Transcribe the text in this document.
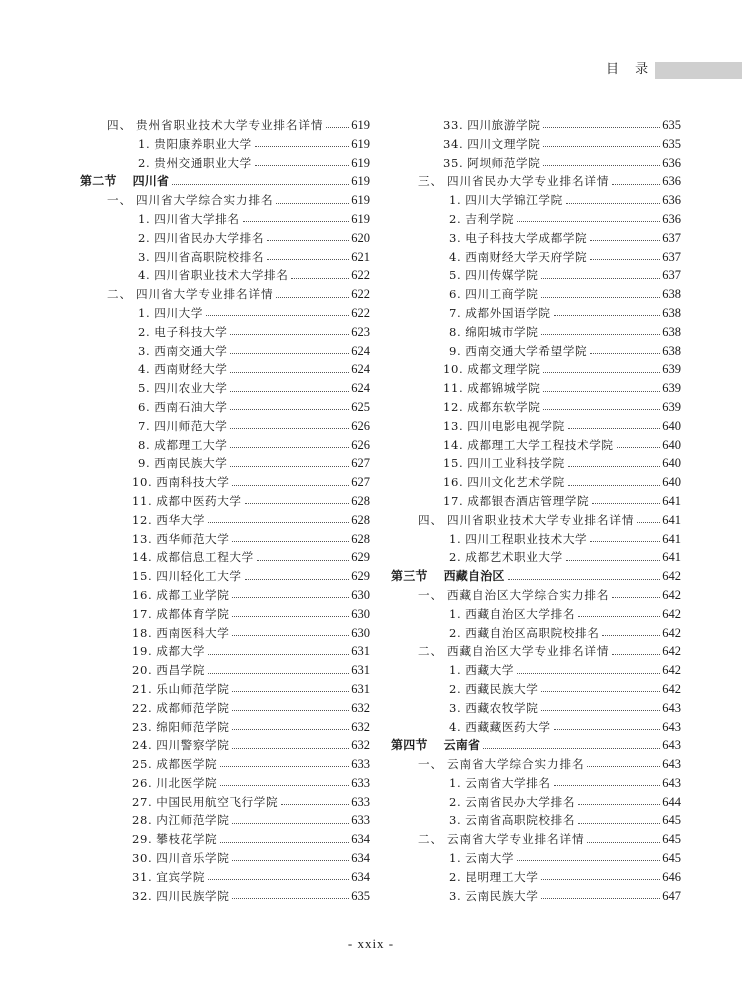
目 录
四、 贵州省职业技术大学专业排名详情 619
1. 贵阳康养职业大学	619
2. 贵州交通职业大学	619
第二节 四川省	619
一、 四川省大学综合实力排名	619
1. 四川省大学排名	619
2. 四川省民办大学排名	620
3. 四川省高职院校排名	621
4. 四川省职业技术大学排名	622
二、 四川省大学专业排名详情	622
1. 四川大学	622
2. 电子科技大学	623
3. 西南交通大学	624
4. 西南财经大学	624
5. 四川农业大学	624
6. 西南石油大学	625
7. 四川师范大学	626
8. 成都理工大学	626
9. 西南民族大学	627
10. 西南科技大学	627
11. 成都中医药大学	628
12. 西华大学	628
13. 西华师范大学	628
14. 成都信息工程大学	629
15. 四川轻化工大学	629
16. 成都工业学院	630
17. 成都体育学院	630
18. 西南医科大学	630
19. 成都大学	631
20. 西昌学院	631
21. 乐山师范学院	631
22. 成都师范学院	632
23. 绵阳师范学院	632
24. 四川警察学院	632
25. 成都医学院	633
26. 川北医学院	633
27. 中国民用航空飞行学院	633
28. 内江师范学院	633
29. 攀枝花学院	634
30. 四川音乐学院	634
31. 宜宾学院	634
32. 四川民族学院	635
33. 四川旅游学院	635
34. 四川文理学院	635
35. 阿坝师范学院	636
三、 四川省民办大学专业排名详情	636
1. 四川大学锦江学院	636
2. 吉利学院	636
3. 电子科技大学成都学院	637
4. 西南财经大学天府学院	637
5. 四川传媒学院	637
6. 四川工商学院	638
7. 成都外国语学院	638
8. 绵阳城市学院	638
9. 西南交通大学希望学院	638
10. 成都文理学院	639
11. 成都锦城学院	639
12. 成都东软学院	639
13. 四川电影电视学院	640
14. 成都理工大学工程技术学院	640
15. 四川工业科技学院	640
16. 四川文化艺术学院	640
17. 成都银杏酒店管理学院	641
四、 四川省职业技术大学专业排名详情 641
1. 四川工程职业技术大学	641
2. 成都艺术职业大学	641
第三节 西藏自治区	642
一、 西藏自治区大学综合实力排名	642
1. 西藏自治区大学排名	642
2. 西藏自治区高职院校排名	642
二、 西藏自治区大学专业排名详情	642
1. 西藏大学	642
2. 西藏民族大学	642
3. 西藏农牧学院	643
4. 西藏藏医药大学	643
第四节 云南省	643
一、 云南省大学综合实力排名	643
1. 云南省大学排名	643
2. 云南省民办大学排名	644
3. 云南省高职院校排名	645
二、 云南省大学专业排名详情	645
1. 云南大学	645
2. 昆明理工大学	646
3. 云南民族大学	647
- xxix -
